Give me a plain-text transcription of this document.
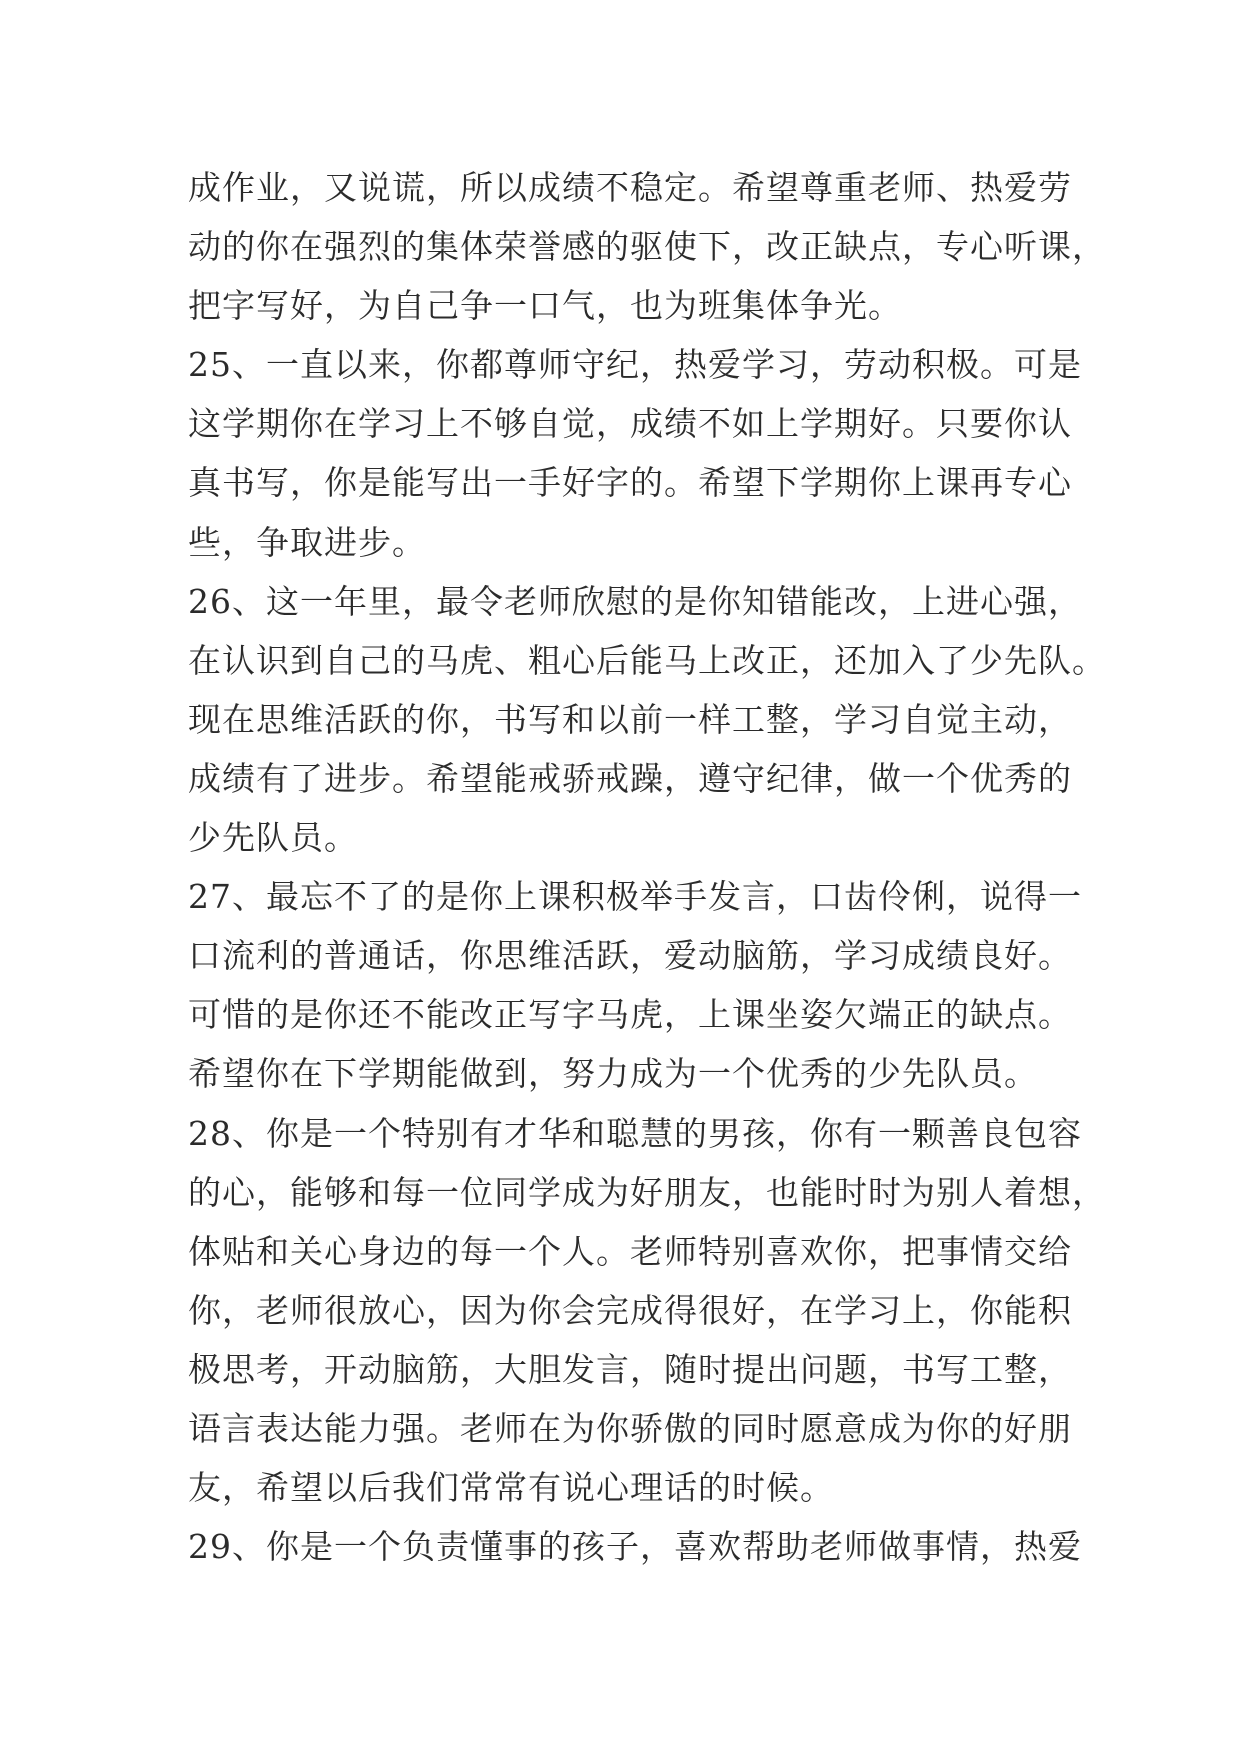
成作业，又说谎，所以成绩不稳定。希望尊重老师、热爱劳
动的你在强烈的集体荣誉感的驱使下，改正缺点，专心听课，
把字写好，为自己争一口气，也为班集体争光。
25、一直以来，你都尊师守纪，热爱学习，劳动积极。可是
这学期你在学习上不够自觉，成绩不如上学期好。只要你认
真书写，你是能写出一手好字的。希望下学期你上课再专心
些，争取进步。
26、这一年里，最令老师欣慰的是你知错能改，上进心强，
在认识到自己的马虎、粗心后能马上改正，还加入了少先队。
现在思维活跃的你，书写和以前一样工整，学习自觉主动，
成绩有了进步。希望能戒骄戒躁，遵守纪律，做一个优秀的
少先队员。
27、最忘不了的是你上课积极举手发言，口齿伶俐，说得一
口流利的普通话，你思维活跃，爱动脑筋，学习成绩良好。
可惜的是你还不能改正写字马虎，上课坐姿欠端正的缺点。
希望你在下学期能做到，努力成为一个优秀的少先队员。
28、你是一个特别有才华和聪慧的男孩，你有一颗善良包容
的心，能够和每一位同学成为好朋友，也能时时为别人着想，
体贴和关心身边的每一个人。老师特别喜欢你，把事情交给
你，老师很放心，因为你会完成得很好，在学习上，你能积
极思考，开动脑筋，大胆发言，随时提出问题，书写工整，
语言表达能力强。老师在为你骄傲的同时愿意成为你的好朋
友，希望以后我们常常有说心理话的时候。
29、你是一个负责懂事的孩子，喜欢帮助老师做事情，热爱
